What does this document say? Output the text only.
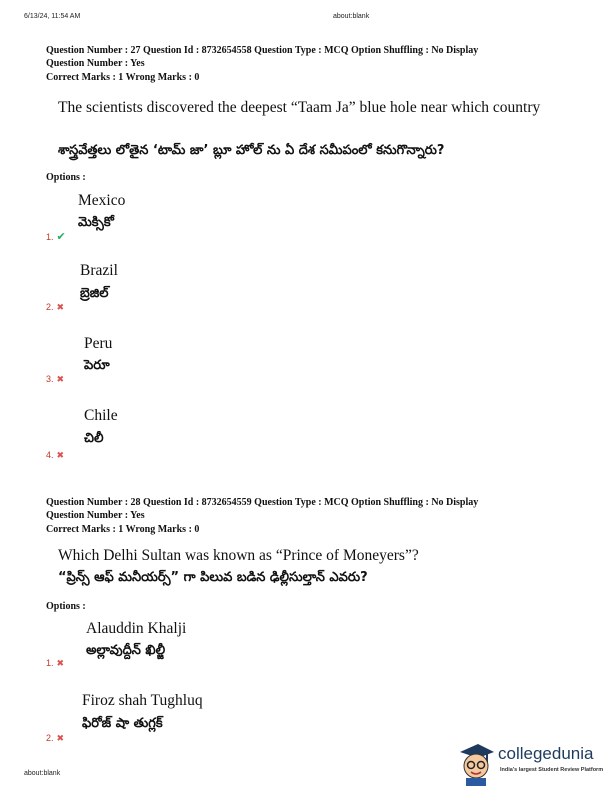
6/13/24, 11:54 AM	about:blank
Question Number : 27 Question Id : 8732654558 Question Type : MCQ Option Shuffling : No Display
Question Number : Yes
Correct Marks : 1 Wrong Marks : 0
The scientists discovered the deepest “Taam Ja” blue hole near which country
శాస్త్రవేత్తలు లోతైన ‘టామ్ జా’ బ్లూ హోల్ ను ఏ దేశ సమీపంలో కనుగొన్నారు?
Options :
Mexico
మెక్సికో
1. ✔
Brazil
బ్రెజిల్
2. ✖
Peru
పెరూ
3. ✖
Chile
చిలీ
4. ✖
Question Number : 28 Question Id : 8732654559 Question Type : MCQ Option Shuffling : No Display
Question Number : Yes
Correct Marks : 1 Wrong Marks : 0
Which Delhi Sultan was known as “Prince of Moneyers”?
“ప్రిన్స్ ఆఫ్ మనీయర్స్” గా పిలువ బడిన ఢిల్లీసుల్తాన్ ఎవరు?
Options :
Alauddin Khalji
అల్లావుద్దీన్ ఖిల్జీ
1. ✖
Firoz shah Tughluq
ఫిరోజ్ షా తుగ్లక్
2. ✖
about:blank
collegedunia
India's largest Student Review Platform
